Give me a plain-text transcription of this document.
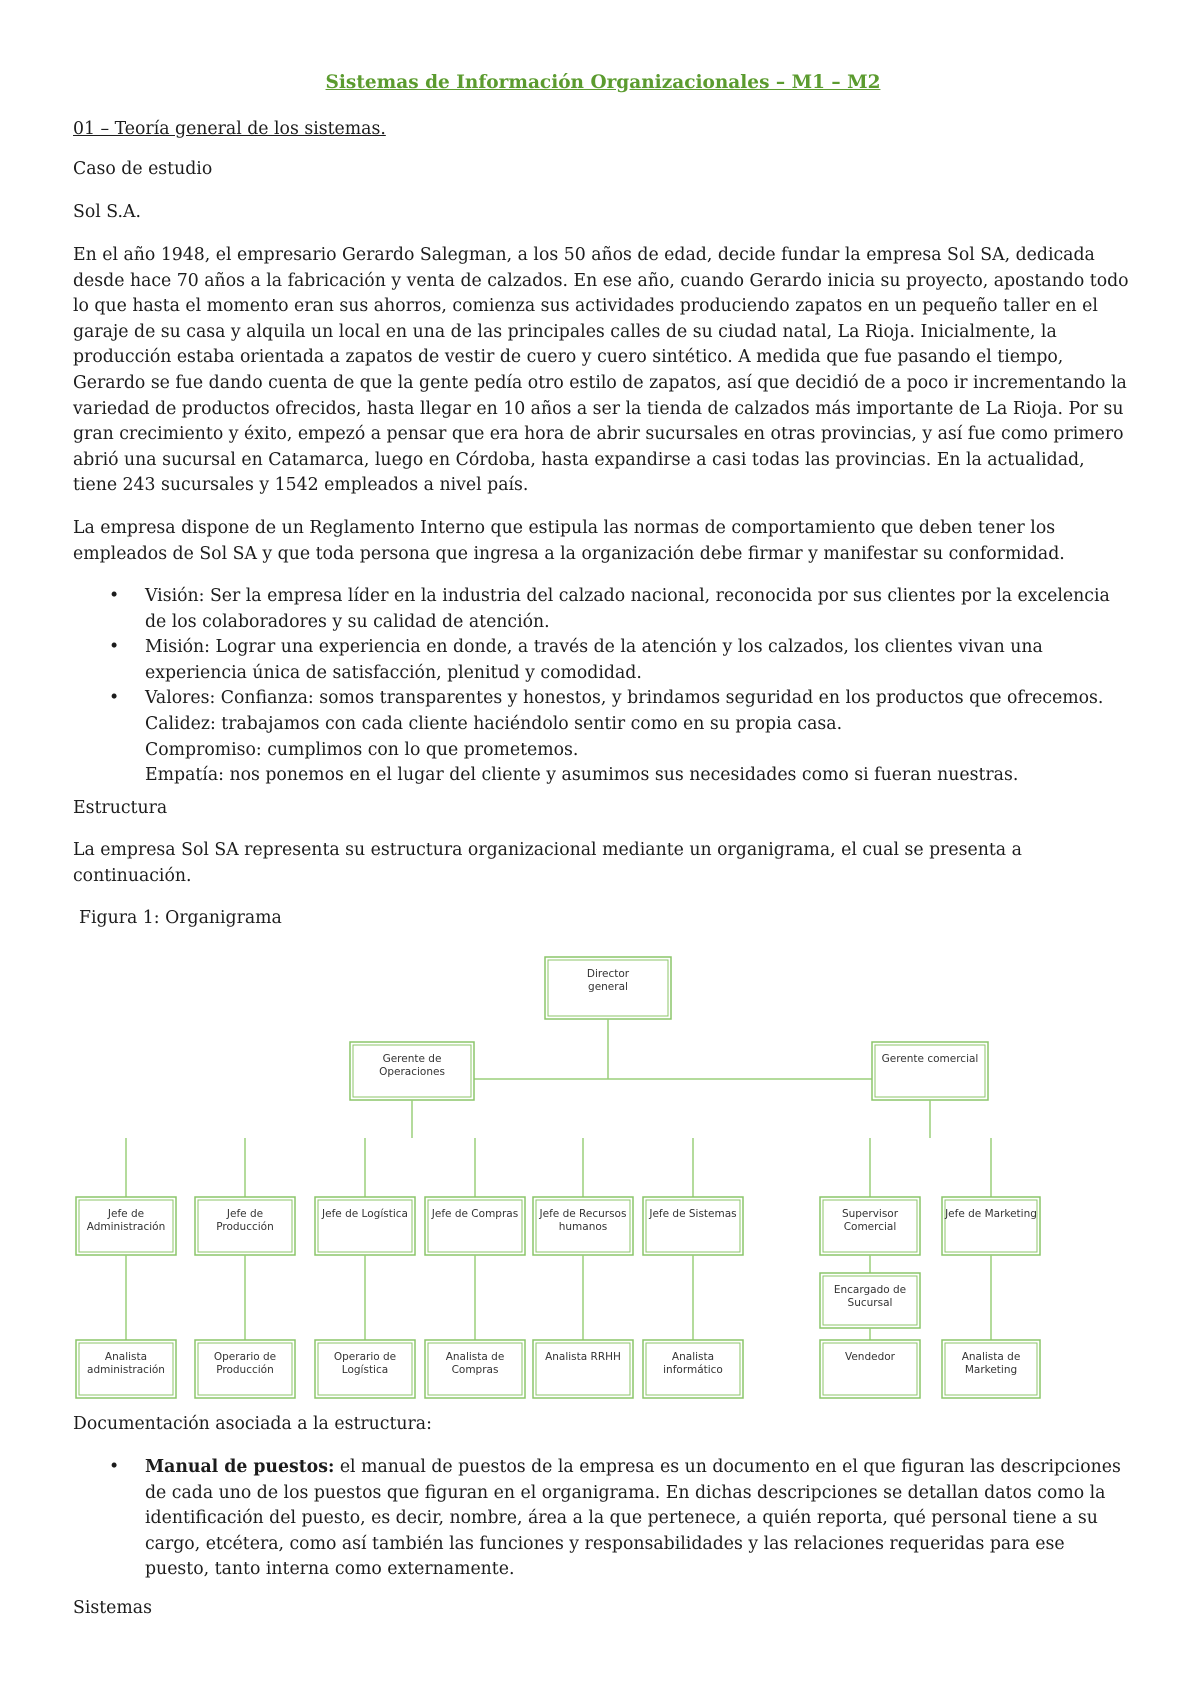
Sistemas de Información Organizacionales – M1 – M2

01 – Teoría general de los sistemas.

Caso de estudio

Sol S.A.

En el año 1948, el empresario Gerardo Salegman, a los 50 años de edad, decide fundar la empresa Sol SA, dedicada desde hace 70 años a la fabricación y venta de calzados. En ese año, cuando Gerardo inicia su proyecto, apostando todo lo que hasta el momento eran sus ahorros, comienza sus actividades produciendo zapatos en un pequeño taller en el garaje de su casa y alquila un local en una de las principales calles de su ciudad natal, La Rioja. Inicialmente, la producción estaba orientada a zapatos de vestir de cuero y cuero sintético. A medida que fue pasando el tiempo, Gerardo se fue dando cuenta de que la gente pedía otro estilo de zapatos, así que decidió de a poco ir incrementando la variedad de productos ofrecidos, hasta llegar en 10 años a ser la tienda de calzados más importante de La Rioja. Por su gran crecimiento y éxito, empezó a pensar que era hora de abrir sucursales en otras provincias, y así fue como primero abrió una sucursal en Catamarca, luego en Córdoba, hasta expandirse a casi todas las provincias. En la actualidad, tiene 243 sucursales y 1542 empleados a nivel país.

La empresa dispone de un Reglamento Interno que estipula las normas de comportamiento que deben tener los empleados de Sol SA y que toda persona que ingresa a la organización debe firmar y manifestar su conformidad.

• Visión: Ser la empresa líder en la industria del calzado nacional, reconocida por sus clientes por la excelencia de los colaboradores y su calidad de atención.
• Misión: Lograr una experiencia en donde, a través de la atención y los calzados, los clientes vivan una experiencia única de satisfacción, plenitud y comodidad.
• Valores: Confianza: somos transparentes y honestos, y brindamos seguridad en los productos que ofrecemos.
Calidez: trabajamos con cada cliente haciéndolo sentir como en su propia casa.
Compromiso: cumplimos con lo que prometemos.
Empatía: nos ponemos en el lugar del cliente y asumimos sus necesidades como si fueran nuestras.

Estructura

La empresa Sol SA representa su estructura organizacional mediante un organigrama, el cual se presenta a continuación.

Figura 1: Organigrama

Documentación asociada a la estructura:

• Manual de puestos: el manual de puestos de la empresa es un documento en el que figuran las descripciones de cada uno de los puestos que figuran en el organigrama. En dichas descripciones se detallan datos como la identificación del puesto, es decir, nombre, área a la que pertenece, a quién reporta, qué personal tiene a su cargo, etcétera, como así también las funciones y responsabilidades y las relaciones requeridas para ese puesto, tanto interna como externamente.

Sistemas

Director
general
Gerente de
Operaciones
Gerente comercial
Jefe de
Administración
Analista
administración
Jefe de
Producción
Operario de
Producción
Jefe de Logística
Operario de
Logística
Jefe de Compras
Analista de
Compras
Jefe de Recursos
humanos
Analista RRHH
Jefe de Sistemas
Analista
informático
Supervisor
Comercial
Encargado de
Sucursal
Vendedor
Jefe de Marketing
Analista de
Marketing
